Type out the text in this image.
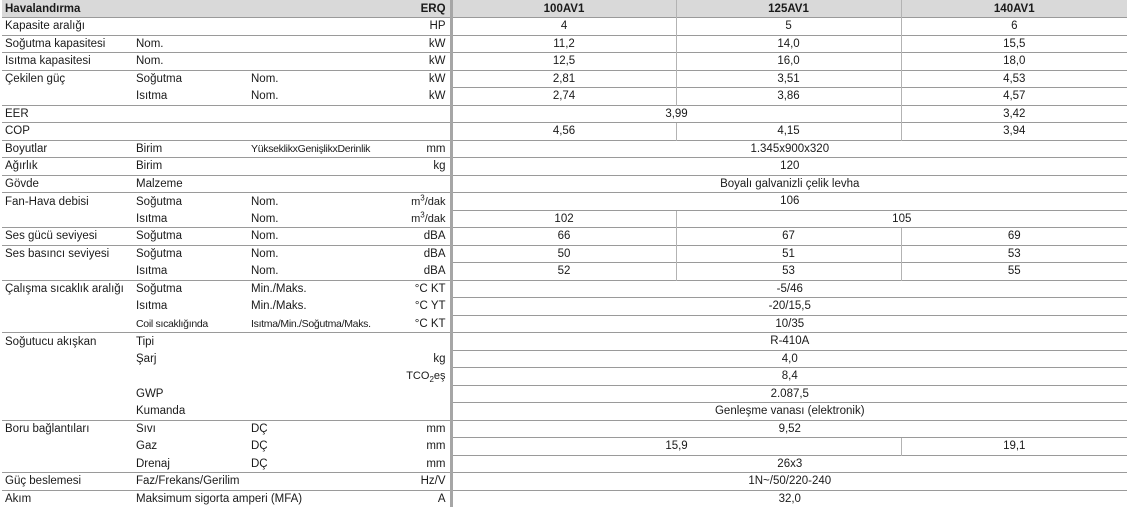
Havalandırma			ERQ	100AV1	125AV1	140AV1
Kapasite aralığı			HP	4	5	6
Soğutma kapasitesi	Nom.		kW	11,2	14,0	15,5
Isıtma kapasitesi	Nom.		kW	12,5	16,0	18,0
Çekilen güç	Soğutma	Nom.	kW	2,81	3,51	4,53
	Isıtma	Nom.	kW	2,74	3,86	4,57
EER				3,99		3,42
COP				4,56	4,15	3,94
Boyutlar	Birim	YükseklikxGenişlikxDerinlik	mm	1.345x900x320		
Ağırlık	Birim		kg	120		
Gövde	Malzeme			Boyalı galvanizli çelik levha		
Fan-Hava debisi	Soğutma	Nom.	$m^3$/dak	106		
	Isıtma	Nom.	$m^3$/dak	102	105	
Ses gücü seviyesi	Soğutma	Nom.	dBA	66	67	69
Ses basıncı seviyesi	Soğutma	Nom.	dBA	50	51	53
	Isıtma	Nom.	dBA	52	53	55
Çalışma sıcaklık aralığı	Soğutma	Min./Maks.	°C KT	-5/46		
	Isıtma	Min./Maks.	°C YT	-20/15,5		
	Coil sıcaklığında	Isıtma/Min./Soğutma/Maks.	°C KT	10/35		
Soğutucu akışkan	Tipi			R-410A		
	Şarj		kg	4,0		
			$TCO_2eş$	8,4		
	GWP			2.087,5		
	Kumanda			Genleşme vanası (elektronik)		
Boru bağlantıları	Sıvı	DÇ	mm	9,52		
	Gaz	DÇ	mm	15,9		19,1
	Drenaj	DÇ	mm	26x3		
Güç beslemesi	Faz/Frekans/Gerilim		Hz/V	1N~/50/220-240		
Akım	Maksimum sigorta amperi (MFA)		A	32,0		
